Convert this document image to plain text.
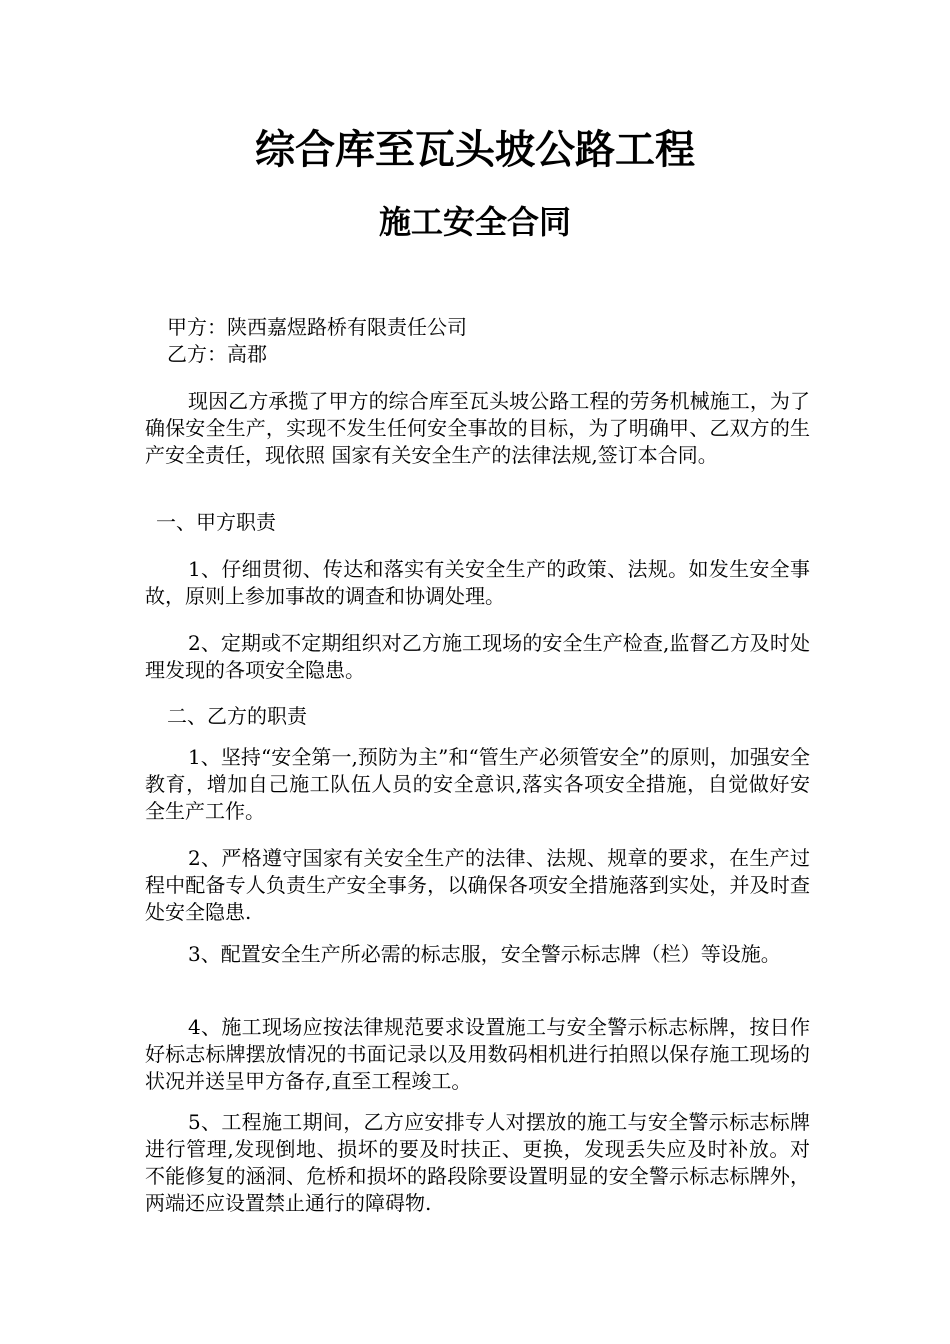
综合库至瓦头坡公路工程
施工安全合同

甲方：陕西嘉煜路桥有限责任公司

乙方：高郡

现因乙方承揽了甲方的综合库至瓦头坡公路工程的劳务机械施工，为了确保安全生产，实现不发生任何安全事故的目标，为了明确甲、乙双方的生产安全责任，现依照 国家有关安全生产的法律法规,签订本合同。

一、甲方职责

1、仔细贯彻、传达和落实有关安全生产的政策、法规。如发生安全事故，原则上参加事故的调查和协调处理。

2、定期或不定期组织对乙方施工现场的安全生产检查,监督乙方及时处理发现的各项安全隐患。

二、乙方的职责

1、坚持“安全第一,预防为主”和“管生产必须管安全”的原则，加强安全教育，增加自己施工队伍人员的安全意识,落实各项安全措施，自觉做好安全生产工作。

2、严格遵守国家有关安全生产的法律、法规、规章的要求，在生产过程中配备专人负责生产安全事务，以确保各项安全措施落到实处，并及时查处安全隐患.

3、配置安全生产所必需的标志服，安全警示标志牌（栏）等设施。

4、施工现场应按法律规范要求设置施工与安全警示标志标牌，按日作好标志标牌摆放情况的书面记录以及用数码相机进行拍照以保存施工现场的状况并送呈甲方备存,直至工程竣工。

5、工程施工期间，乙方应安排专人对摆放的施工与安全警示标志标牌进行管理,发现倒地、损坏的要及时扶正、更换，发现丢失应及时补放。对不能修复的涵洞、危桥和损坏的路段除要设置明显的安全警示标志标牌外，两端还应设置禁止通行的障碍物.
